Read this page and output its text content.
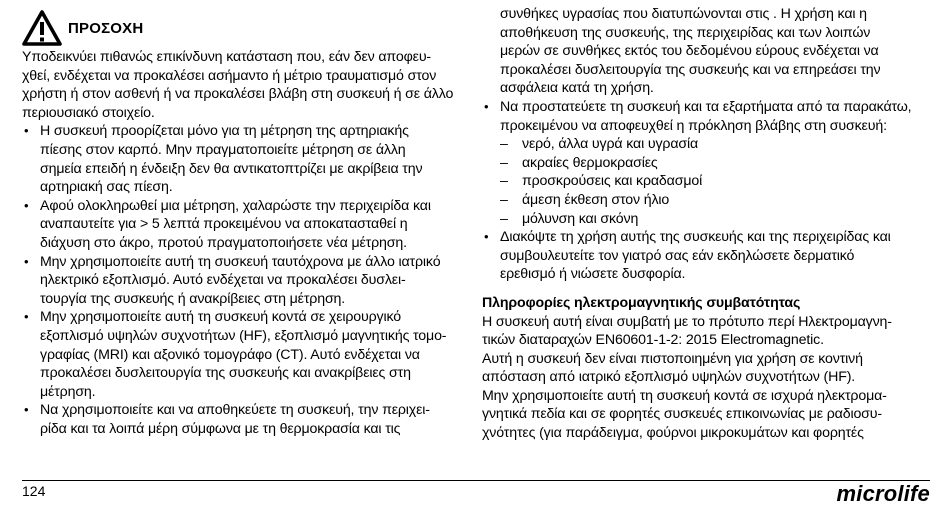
ΠΡΟΣΟΧΗ
Υποδεικνύει πιθανώς επικίνδυνη κατάσταση που, εάν δεν αποφευ-
χθεί, ενδέχεται να προκαλέσει ασήμαντο ή μέτριο τραυματισμό στον
χρήστη ή στον ασθενή ή να προκαλέσει βλάβη στη συσκευή ή σε άλλο
περιουσιακό στοιχείο.
• Η συσκευή προορίζεται μόνο για τη μέτρηση της αρτηριακής
πίεσης στον καρπό. Μην πραγματοποιείτε μέτρηση σε άλλη
σημεία επειδή η ένδειξη δεν θα αντικατοπτρίζει με ακρίβεια την
αρτηριακή σας πίεση.
• Αφού ολοκληρωθεί μια μέτρηση, χαλαρώστε την περιχειρίδα και
αναπαυτείτε για > 5 λεπτά προκειμένου να αποκατασταθεί η
διάχυση στο άκρο, προτού πραγματοποιήσετε νέα μέτρηση.
• Μην χρησιμοποιείτε αυτή τη συσκευή ταυτόχρονα με άλλο ιατρικό
ηλεκτρικό εξοπλισμό. Αυτό ενδέχεται να προκαλέσει δυσλει-
τουργία της συσκευής ή ανακρίβειες στη μέτρηση.
• Μην χρησιμοποιείτε αυτή τη συσκευή κοντά σε χειρουργικό
εξοπλισμό υψηλών συχνοτήτων (HF), εξοπλισμό μαγνητικής τομο-
γραφίας (MRI) και αξονικό τομογράφο (CT). Αυτό ενδέχεται να
προκαλέσει δυσλειτουργία της συσκευής και ανακρίβειες στη
μέτρηση.
• Να χρησιμοποιείτε και να αποθηκεύετε τη συσκευή, την περιχει-
ρίδα και τα λοιπά μέρη σύμφωνα με τη θερμοκρασία και τις
συνθήκες υγρασίας που διατυπώνονται στις . Η χρήση και η
αποθήκευση της συσκευής, της περιχειρίδας και των λοιπών
μερών σε συνθήκες εκτός του δεδομένου εύρους ενδέχεται να
προκαλέσει δυσλειτουργία της συσκευής και να επηρεάσει την
ασφάλεια κατά τη χρήση.
• Να προστατεύετε τη συσκευή και τα εξαρτήματα από τα παρακάτω,
προκειμένου να αποφευχθεί η πρόκληση βλάβης στη συσκευή:
– νερό, άλλα υγρά και υγρασία
– ακραίες θερμοκρασίες
– προσκρούσεις και κραδασμοί
– άμεση έκθεση στον ήλιο
– μόλυνση και σκόνη
• Διακόψτε τη χρήση αυτής της συσκευής και της περιχειρίδας και
συμβουλευτείτε τον γιατρό σας εάν εκδηλώσετε δερματικό
ερεθισμό ή νιώσετε δυσφορία.
Πληροφορίες ηλεκτρομαγνητικής συμβατότητας
Η συσκευή αυτή είναι συμβατή με το πρότυπο περί Ηλεκτρομαγνη-
τικών διαταραχών EN60601-1-2: 2015 Electromagnetic.
Αυτή η συσκευή δεν είναι πιστοποιημένη για χρήση σε κοντινή
απόσταση από ιατρικό εξοπλισμό υψηλών συχνοτήτων (HF).
Μην χρησιμοποιείτε αυτή τη συσκευή κοντά σε ισχυρά ηλεκτρομα-
γνητικά πεδία και σε φορητές συσκευές επικοινωνίας με ραδιοσυ-
χνότητες (για παράδειγμα, φούρνοι μικροκυμάτων και φορητές
124	microlife
